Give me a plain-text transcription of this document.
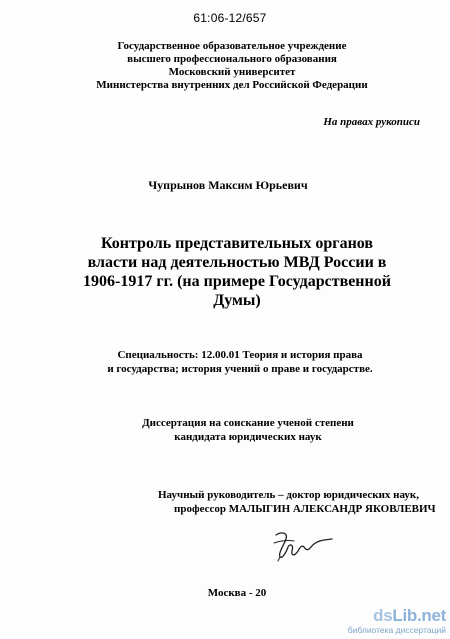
61:06-12/657
Государственное образовательное учреждение
высшего профессионального образования
Московский университет
Министерства внутренних дел Российской Федерации
На правах рукописи
Чупрынов Максим Юрьевич
Контроль представительных органов
власти над деятельностью МВД России в
1906-1917 гг. (на примере Государственной
Думы)
Специальность: 12.00.01 Теория и история права
и государства; история учений о праве и государстве.
Диссертация на соискание ученой степени
кандидата юридических наук
Научный руководитель – доктор юридических наук,
профессор МАЛЫГИН АЛЕКСАНДР ЯКОВЛЕВИЧ
Москва - 20
dsLib.net
библиотека диссертаций
